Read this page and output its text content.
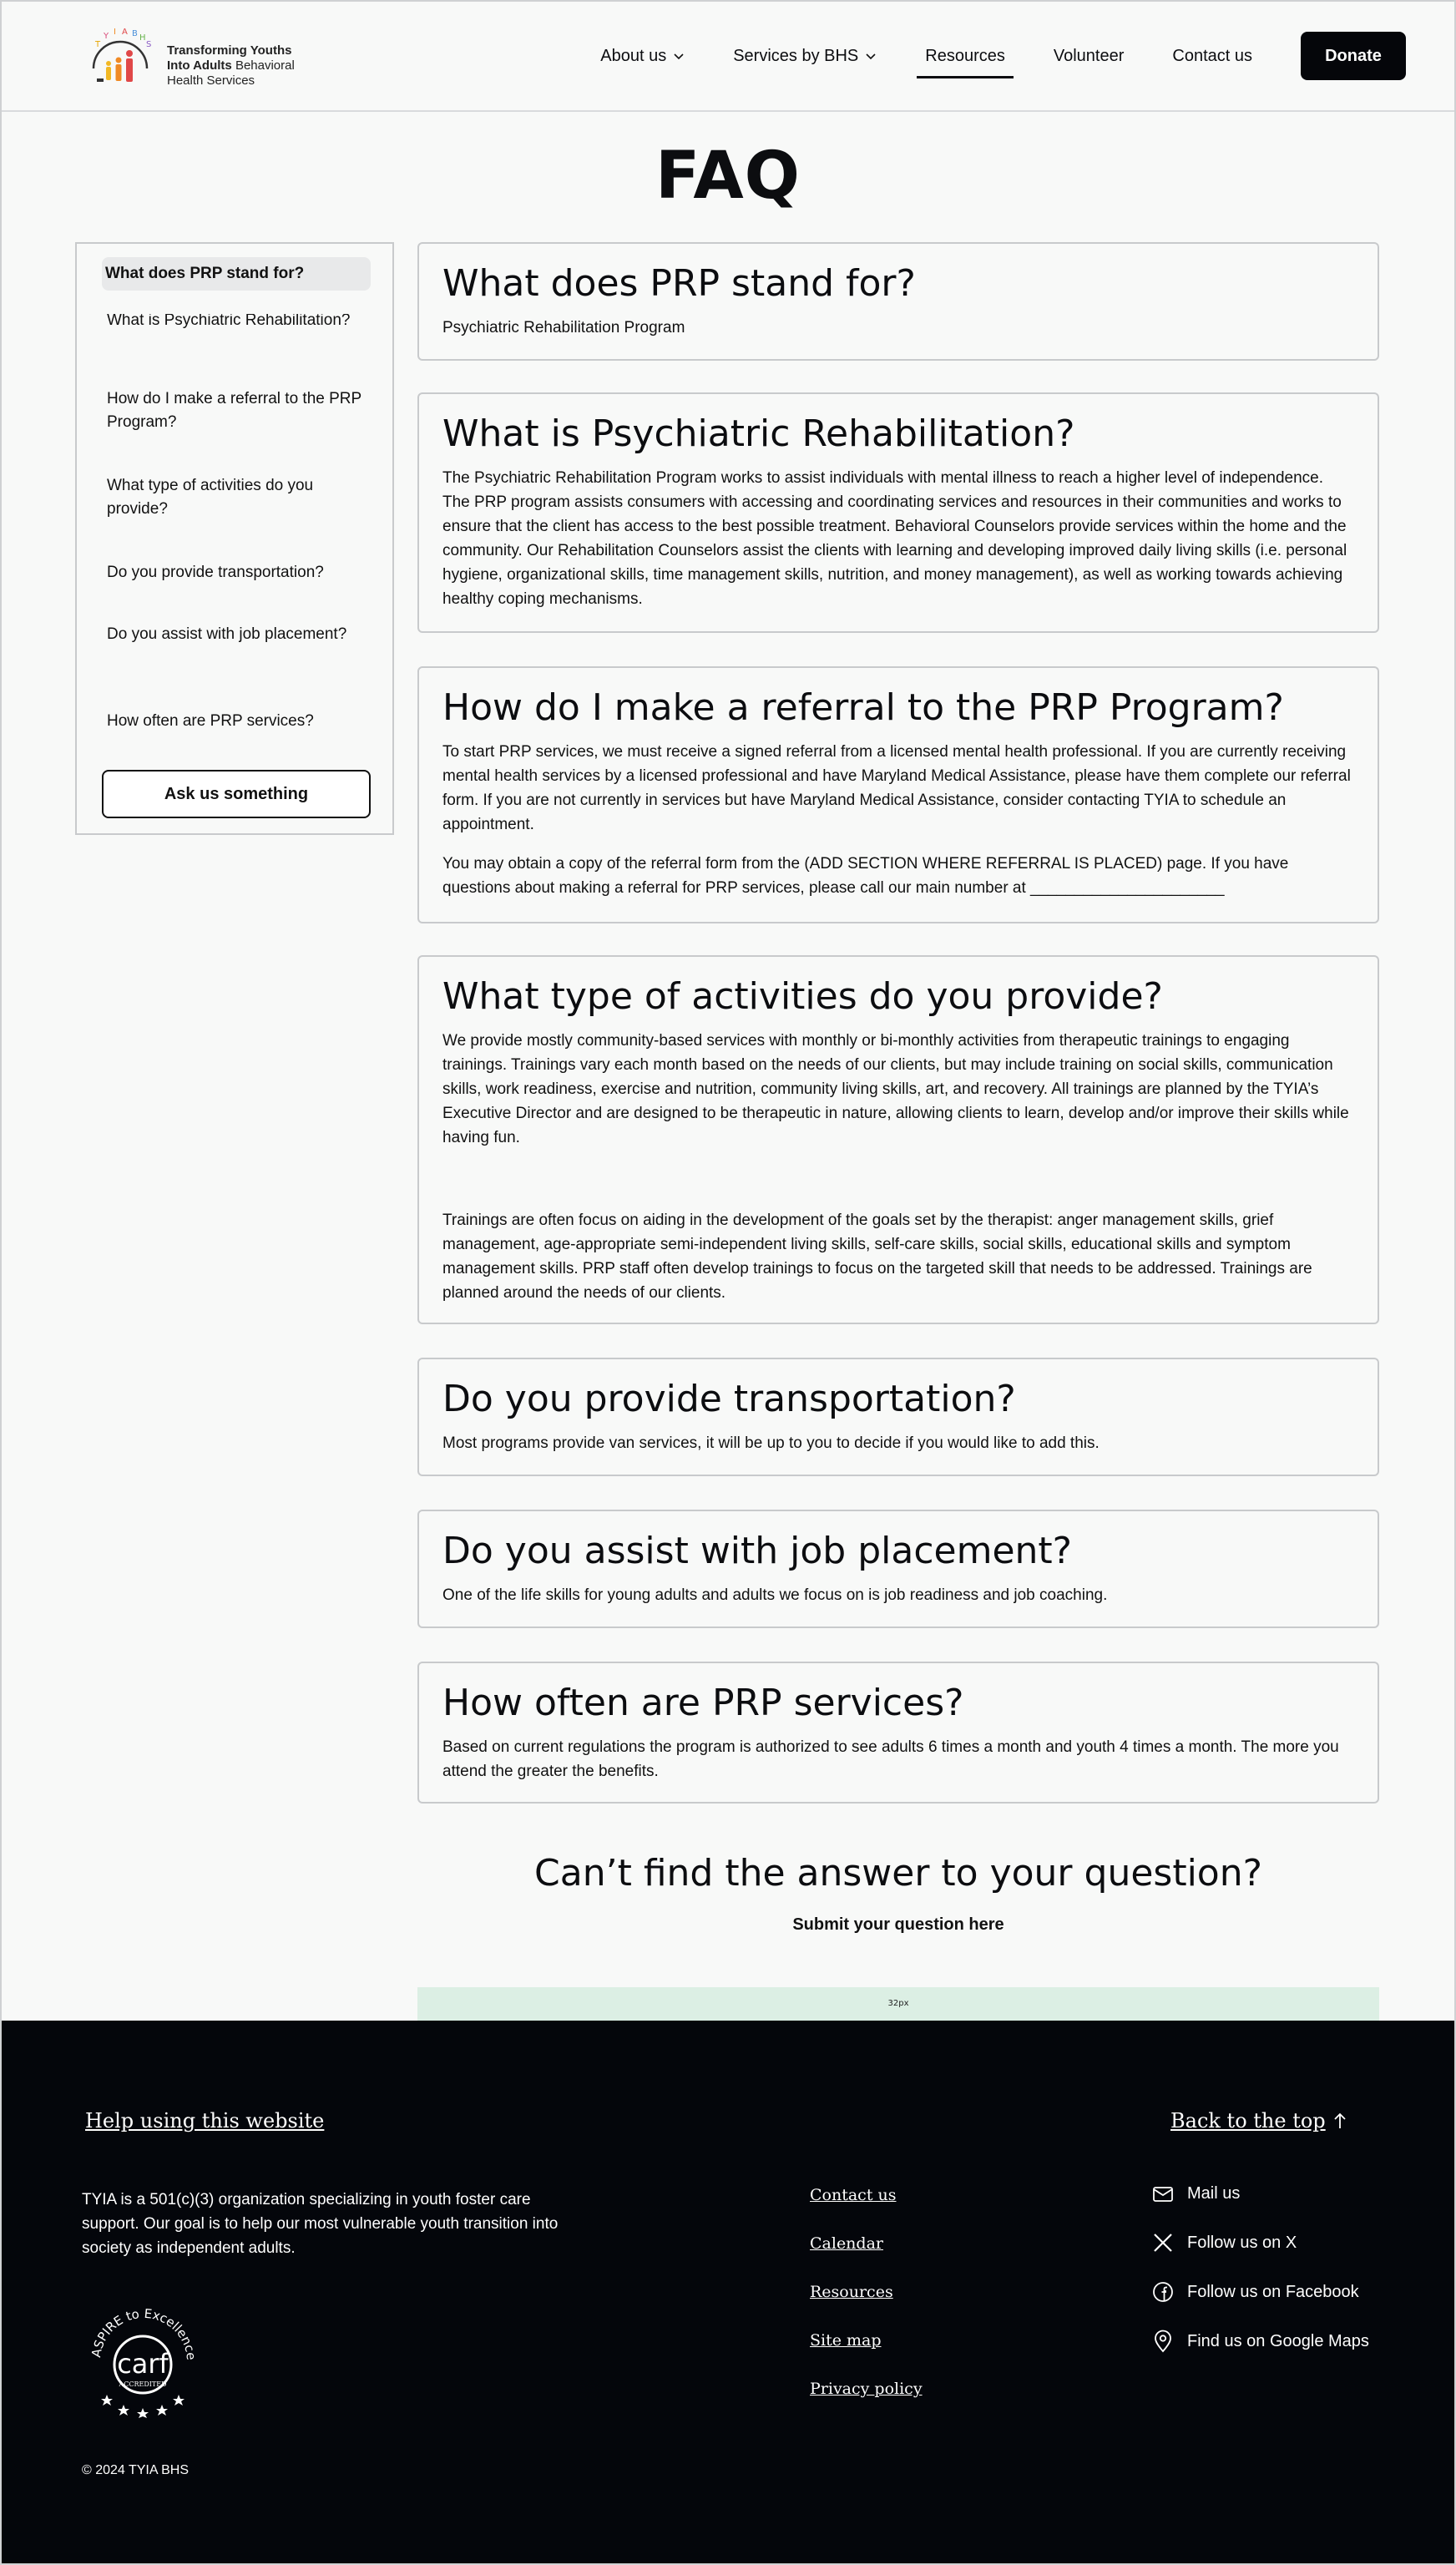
T
Y I A B H
S Transforming Youths
Into Adults Behavioral
Health Services
About us	Services by BHS	Resources	Volunteer	Contact us	Donate
FAQ
What does PRP stand for?
What is Psychiatric Rehabilitation?
How do I make a referral to the PRP Program?
What type of activities do you provide?
Do you provide transportation?
Do you assist with job placement?
How often are PRP services?
Ask us something
What does PRP stand for?

Psychiatric Rehabilitation Program

What is Psychiatric Rehabilitation?

The Psychiatric Rehabilitation Program works to assist individuals with mental illness to reach a higher level of independence. The PRP program assists consumers with accessing and coordinating services and resources in their communities and works to ensure that the client has access to the best possible treatment. Behavioral Counselors provide services within the home and the community. Our Rehabilitation Counselors assist the clients with learning and developing improved daily living skills (i.e. personal hygiene, organizational skills, time management skills, nutrition, and money management), as well as working towards achieving healthy coping mechanisms.

How do I make a referral to the PRP Program?

To start PRP services, we must receive a signed referral from a licensed mental health professional. If you are currently receiving mental health services by a licensed professional and have Maryland Medical Assistance, please have them complete our referral form. If you are not currently in services but have Maryland Medical Assistance, consider contacting TYIA to schedule an appointment.

You may obtain a copy of the referral form from the (ADD SECTION WHERE REFERRAL IS PLACED) page. If you have questions about making a referral for PRP services, please call our main number at ______________________

What type of activities do you provide?

We provide mostly community-based services with monthly or bi-monthly activities from therapeutic trainings to engaging trainings. Trainings vary each month based on the needs of our clients, but may include training on social skills, communication skills, work readiness, exercise and nutrition, community living skills, art, and recovery. All trainings are planned by the TYIA’s Executive Director and are designed to be therapeutic in nature, allowing clients to learn, develop and/or improve their skills while having fun.

Trainings are often focus on aiding in the development of the goals set by the therapist: anger management skills, grief management, age-appropriate semi-independent living skills, self-care skills, social skills, educational skills and symptom management skills. PRP staff often develop trainings to focus on the targeted skill that needs to be addressed. Trainings are planned around the needs of our clients.

Do you provide transportation?

Most programs provide van services, it will be up to you to decide if you would like to add this.

Do you assist with job placement?

One of the life skills for young adults and adults we focus on is job readiness and job coaching.

How often are PRP services?

Based on current regulations the program is authorized to see adults 6 times a month and youth 4 times a month. The more you attend the greater the benefits.

Can’t find the answer to your question?
Submit your question here
32px
Help using this website	Back to the top
TYIA is a 501(c)(3) organization specializing in youth foster care support. Our goal is to help our most vulnerable youth transition into society as independent adults.
ASPIRE to Excellence
carf
ACCREDITED
© 2024 TYIA BHS
Contact us
Calendar
Resources
Site map
Privacy policy
Mail us
Follow us on X
Follow us on Facebook
Find us on Google Maps
